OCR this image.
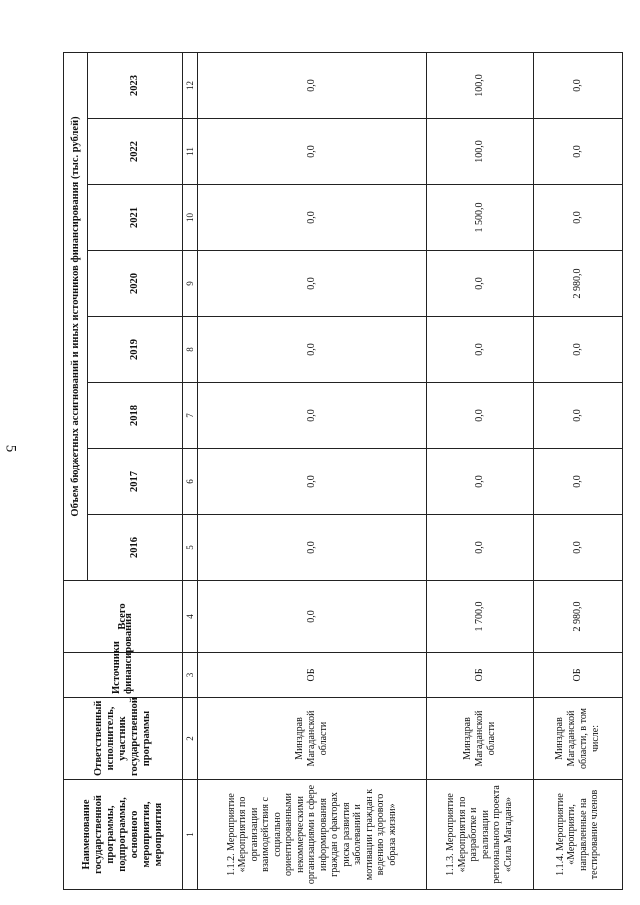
5
Наименование государственной программы, подпрограммы, основного мероприятия, мероприятия	Ответственный исполнитель, участник государственной программы	Источники финансирования	Всего	Объем бюджетных ассигнований и иных источников финансирования (тыс. рублей)							
				2016	2017	2018	2019	2020	2021	2022	2023
1	2	3	4	5	6	7	8	9	10	11	12
1.1.2. Мероприятие «Мероприятия по организации взаимодействия с социально ориентированными некоммерческими организациями в сфере информирования граждан о факторах риска развития заболеваний и мотивации граждан к ведению здорового образа жизни»	Минздрав Магаданской области	ОБ	0,0	0,0	0,0	0,0	0,0	0,0	0,0	0,0	0,0
1.1.3. Мероприятие «Мероприятия по разработке и реализации регионального проекта «Сила Магадана»	Минздрав Магаданской области	ОБ	1 700,0	0,0	0,0	0,0	0,0	0,0	1 500,0	100,0	100,0
1.1.4. Мероприятие «Мероприяти, направленные на тестирование членов	Минздрав Магаданской области, в том числе:	ОБ	2 980,0	0,0	0,0	0,0	0,0	2 980,0	0,0	0,0	0,0
